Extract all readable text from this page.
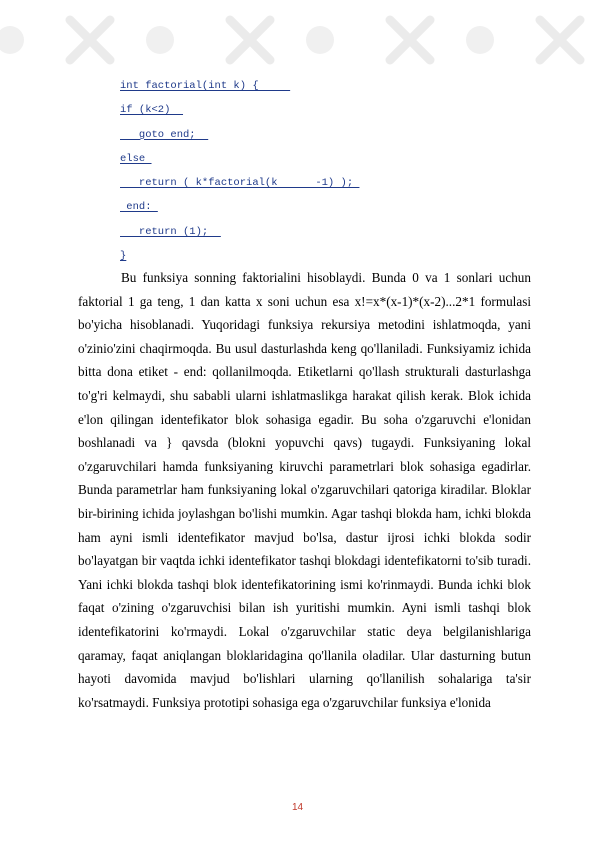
int factorial(int k) {
if (k<2)
goto end;
else
return ( k*factorial(k      -1) );
end:
return (1);
}

Bu funksiya sonning faktorialini hisoblaydi. Bunda 0 va 1 sonlari uchun faktorial 1 ga teng, 1 dan katta x soni uchun esa x!=x*(x-1)*(x-2)...2*1 formulasi bo'yicha hisoblanadi. Yuqoridagi funksiya rekursiya metodini ishlatmoqda, yani o'zinio'zini chaqirmoqda. Bu usul dasturlashda keng qo'llaniladi. Funksiyamiz ichida bitta dona etiket - end: qollanilmoqda. Etiketlarni qo'llash strukturali dasturlashga to'g'ri kelmaydi, shu sababli ularni ishlatmaslikga harakat qilish kerak. Blok ichida e'lon qilingan identefikator blok sohasiga egadir. Bu soha o'zgaruvchi e'lonidan boshlanadi va } qavsda (blokni yopuvchi qavs) tugaydi. Funksiyaning lokal o'zgaruvchilari hamda funksiyaning kiruvchi parametrlari blok sohasiga egadirlar. Bunda parametrlar ham funksiyaning lokal o'zgaruvchilari qatoriga kiradilar. Bloklar bir-birining ichida joylashgan bo'lishi mumkin. Agar tashqi blokda ham, ichki blokda ham ayni ismli identefikator mavjud bo'lsa, dastur ijrosi ichki blokda sodir bo'layatgan bir vaqtda ichki identefikator tashqi blokdagi identefikatorni to'sib turadi. Yani ichki blokda tashqi blok identefikatorining ismi ko'rinmaydi. Bunda ichki blok faqat o'zining o'zgaruvchisi bilan ish yuritishi mumkin. Ayni ismli tashqi blok identefikatorini ko'rmaydi. Lokal o'zgaruvchilar static deya belgilanishlariga qaramay, faqat aniqlangan bloklaridagina qo'llanila oladilar. Ular dasturning butun hayoti davomida mavjud bo'lishlari ularning qo'llanilish sohalariga ta'sir ko'rsatmaydi. Funksiya prototipi sohasiga ega o'zgaruvchilar funksiya e'lonida

14
